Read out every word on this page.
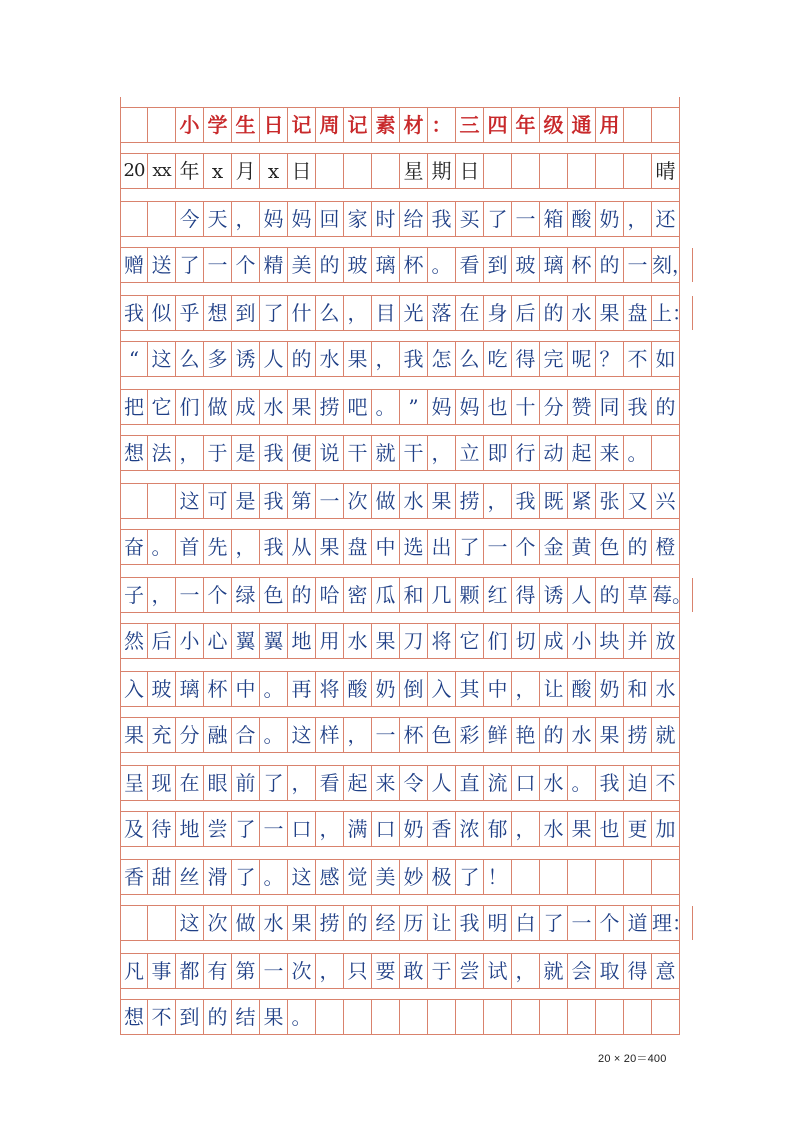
小 学 生 日 记 周 记 素 材 ： 三 四 年 级 通 用
20 xx 年 x 月 x 日	星 期 日	晴
今 天 ， 妈 妈 回 家 时 给 我 买 了 一 箱 酸 奶 ， 还
赠 送 了 一 个 精 美 的 玻 璃 杯 。 看 到 玻 璃 杯 的 一 刻，
我 似 乎 想 到 了 什 么 ， 目 光 落 在 身 后 的 水 果 盘 上：
“ 这 么 多 诱 人 的 水 果 ， 我 怎 么 吃 得 完 呢 ？ 不 如
把 它 们 做 成 水 果 捞 吧 。 ” 妈 妈 也 十 分 赞 同 我 的
想 法 ， 于 是 我 便 说 干 就 干 ， 立 即 行 动 起 来 。
这 可 是 我 第 一 次 做 水 果 捞 ， 我 既 紧 张 又 兴
奋 。 首 先 ， 我 从 果 盘 中 选 出 了 一 个 金 黄 色 的 橙
子 ， 一 个 绿 色 的 哈 密 瓜 和 几 颗 红 得 诱 人 的 草 莓。
然 后 小 心 翼 翼 地 用 水 果 刀 将 它 们 切 成 小 块 并 放
入 玻 璃 杯 中 。 再 将 酸 奶 倒 入 其 中 ， 让 酸 奶 和 水
果 充 分 融 合 。 这 样 ， 一 杯 色 彩 鲜 艳 的 水 果 捞 就
呈 现 在 眼 前 了 ， 看 起 来 令 人 直 流 口 水 。 我 迫 不
及 待 地 尝 了 一 口 ， 满 口 奶 香 浓 郁 ， 水 果 也 更 加
香 甜 丝 滑 了 。 这 感 觉 美 妙 极 了 ！
这 次 做 水 果 捞 的 经 历 让 我 明 白 了 一 个 道 理：
凡 事 都 有 第 一 次 ， 只 要 敢 于 尝 试 ， 就 会 取 得 意
想 不 到 的 结 果 。
20 × 20＝400
